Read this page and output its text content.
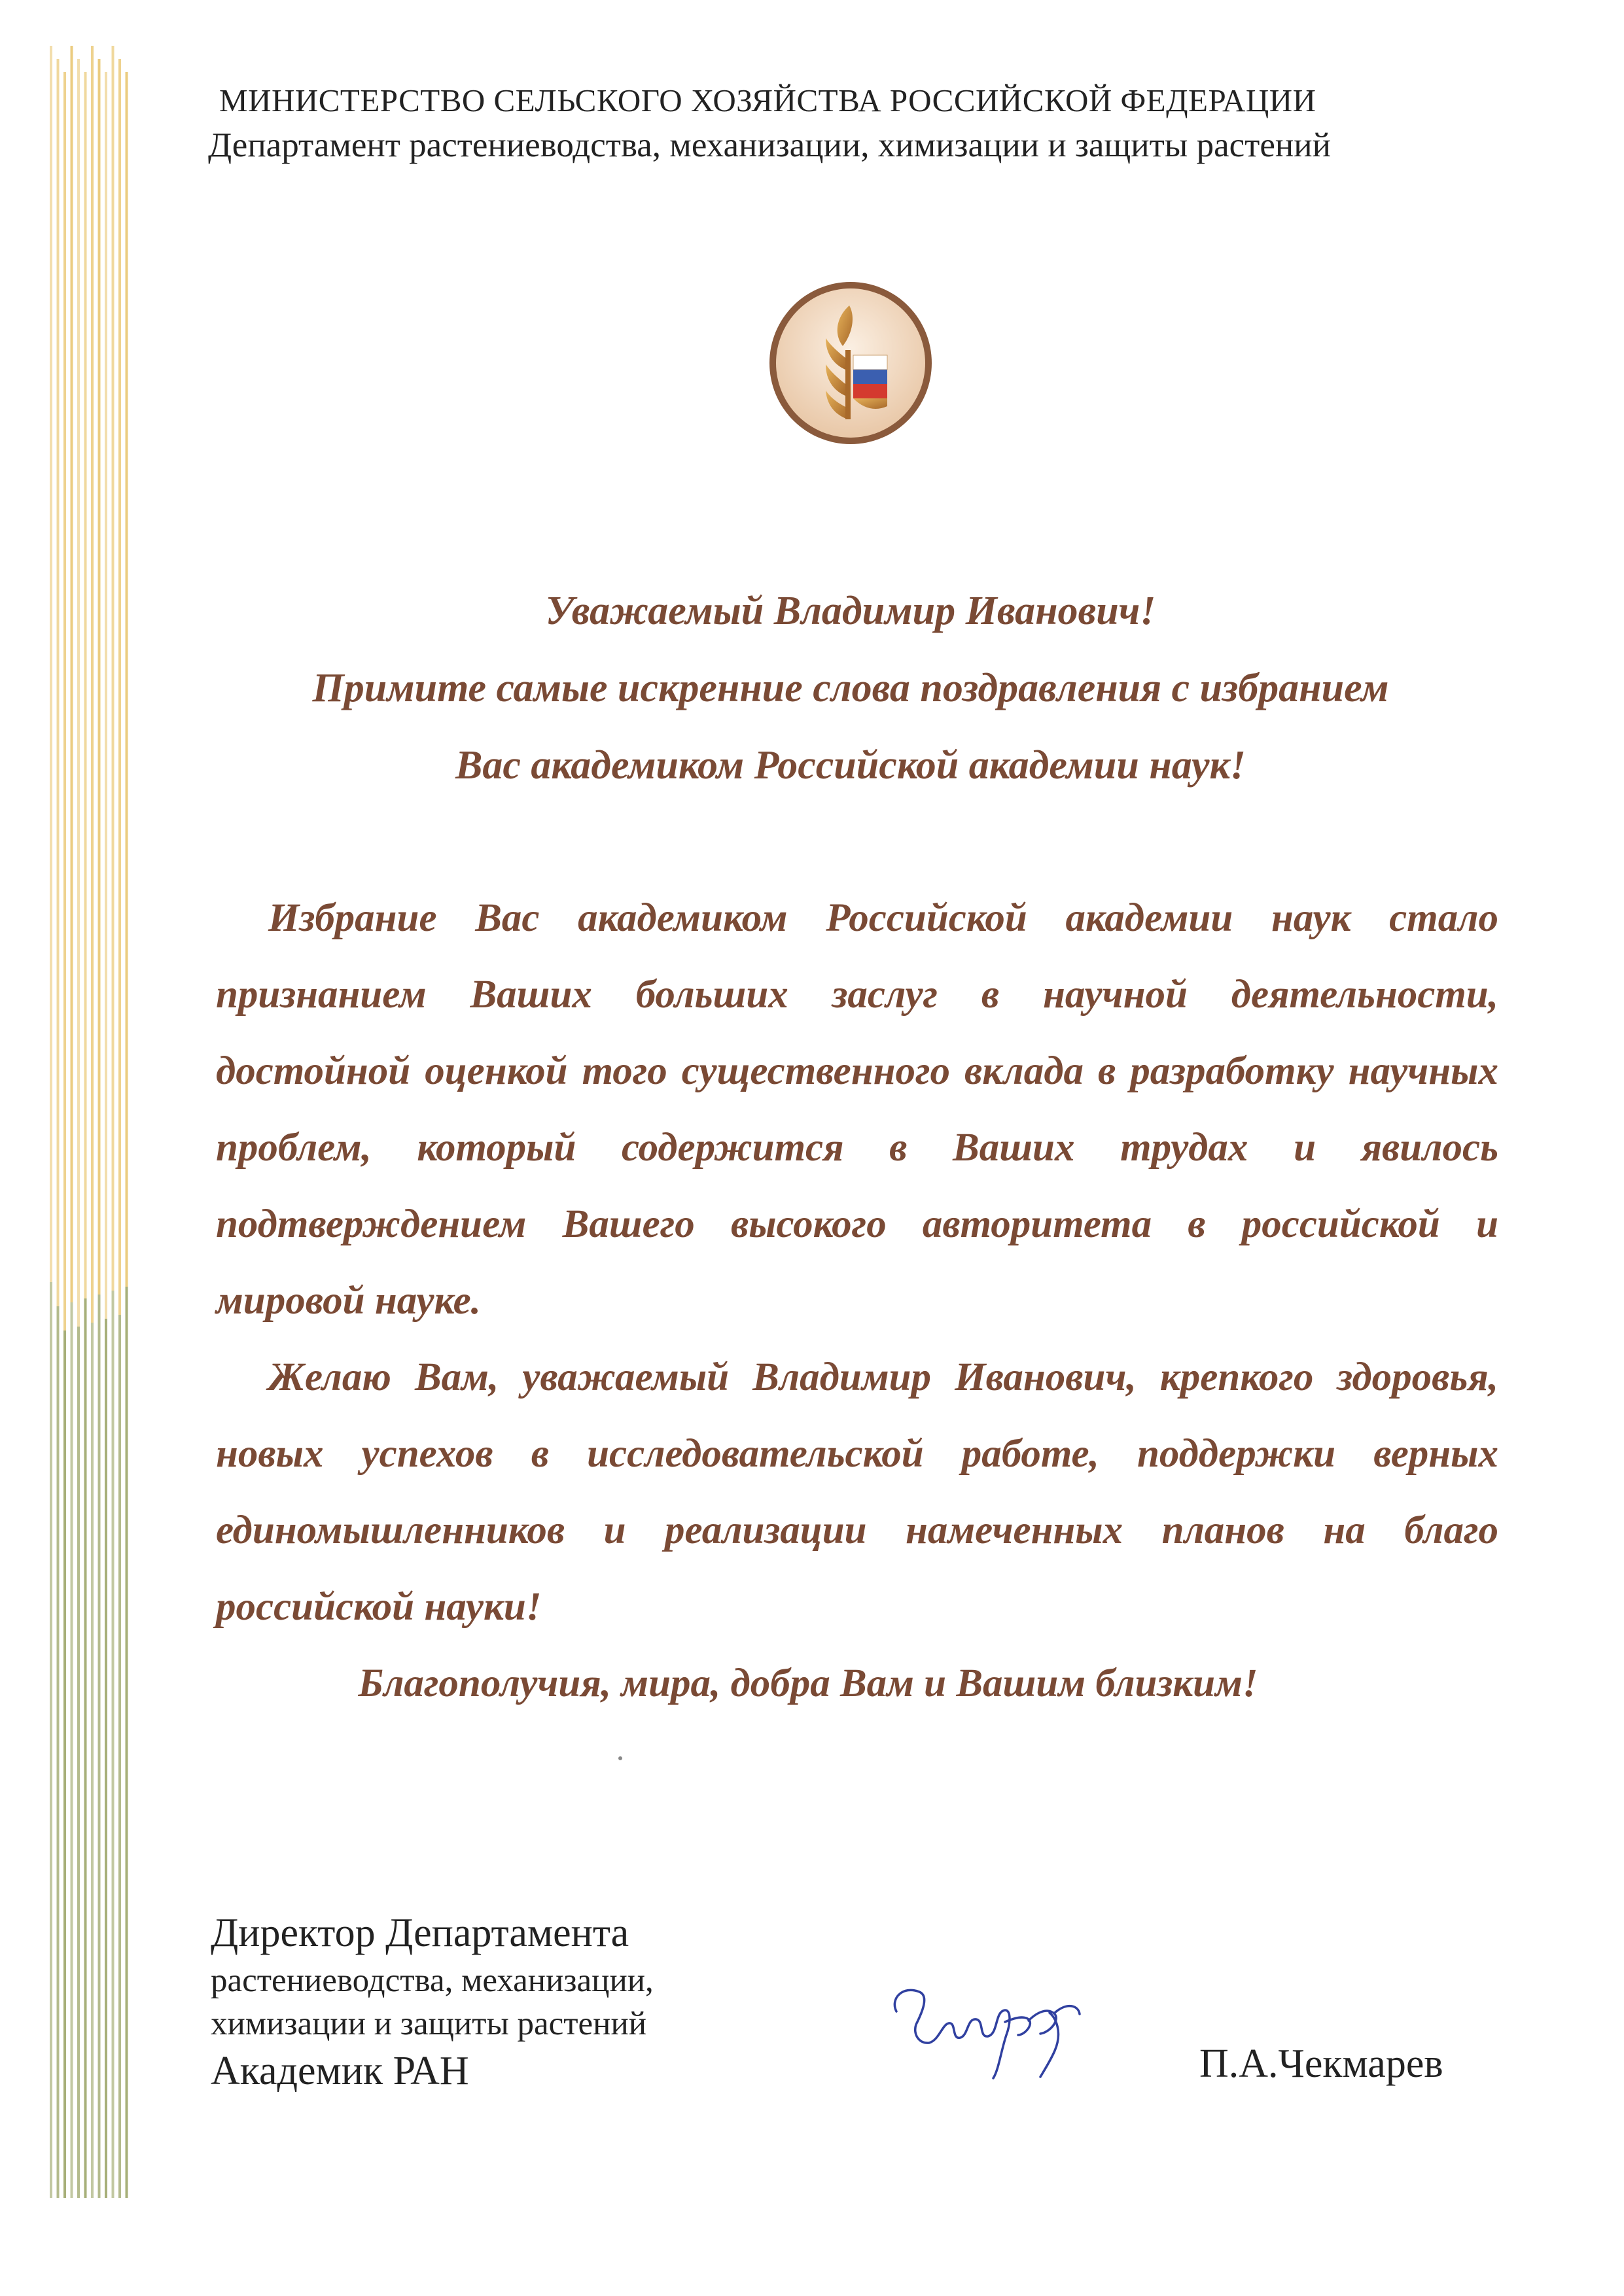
МИНИСТЕРСТВО СЕЛЬСКОГО ХОЗЯЙСТВА РОССИЙСКОЙ ФЕДЕРАЦИИ
Департамент растениеводства, механизации, химизации и защиты растений
Уважаемый Владимир Иванович!
Примите самые искренние слова поздравления с избранием
Вас академиком Российской академии наук!

Избрание Вас академиком Российской академии наук стало признанием Ваших больших заслуг в научной деятельности, достойной оценкой того существенного вклада в разработку научных проблем, который содержится в Ваших трудах и явилось подтверждением Вашего высокого авторитета в российской и мировой науке.

Желаю Вам, уважаемый Владимир Иванович, крепкого здоровья, новых успехов в исследовательской работе, поддержки верных единомышленников и реализации намеченных планов на благо российской науки!

Благополучия, мира, добра Вам и Вашим близким!

Директор Департамента
растениеводства, механизации,
химизации и защиты растений
Академик РАН	П.А.Чекмарев
